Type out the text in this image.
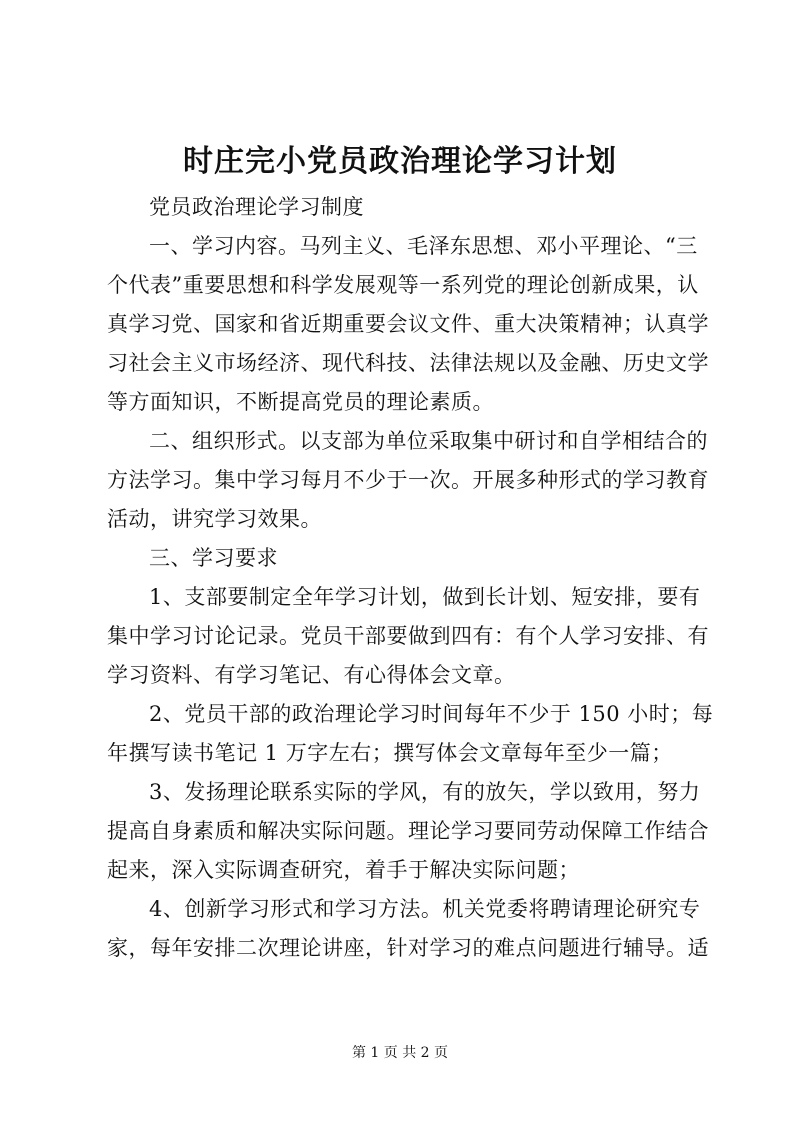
时庄完小党员政治理论学习计划
党员政治理论学习制度
一、学习内容。马列主义、毛泽东思想、邓小平理论、“三
个代表”重要思想和科学发展观等一系列党的理论创新成果，认
真学习党、国家和省近期重要会议文件、重大决策精神；认真学
习社会主义市场经济、现代科技、法律法规以及金融、历史文学
等方面知识，不断提高党员的理论素质。
二、组织形式。以支部为单位采取集中研讨和自学相结合的
方法学习。集中学习每月不少于一次。开展多种形式的学习教育
活动，讲究学习效果。
三、学习要求
1、支部要制定全年学习计划，做到长计划、短安排，要有
集中学习讨论记录。党员干部要做到四有：有个人学习安排、有
学习资料、有学习笔记、有心得体会文章。
2、党员干部的政治理论学习时间每年不少于 150 小时；每
年撰写读书笔记 1 万字左右；撰写体会文章每年至少一篇；
3、发扬理论联系实际的学风，有的放矢，学以致用，努力
提高自身素质和解决实际问题。理论学习要同劳动保障工作结合
起来，深入实际调查研究，着手于解决实际问题；
4、创新学习形式和学习方法。机关党委将聘请理论研究专
家，每年安排二次理论讲座，针对学习的难点问题进行辅导。适
第 1 页 共 2 页
